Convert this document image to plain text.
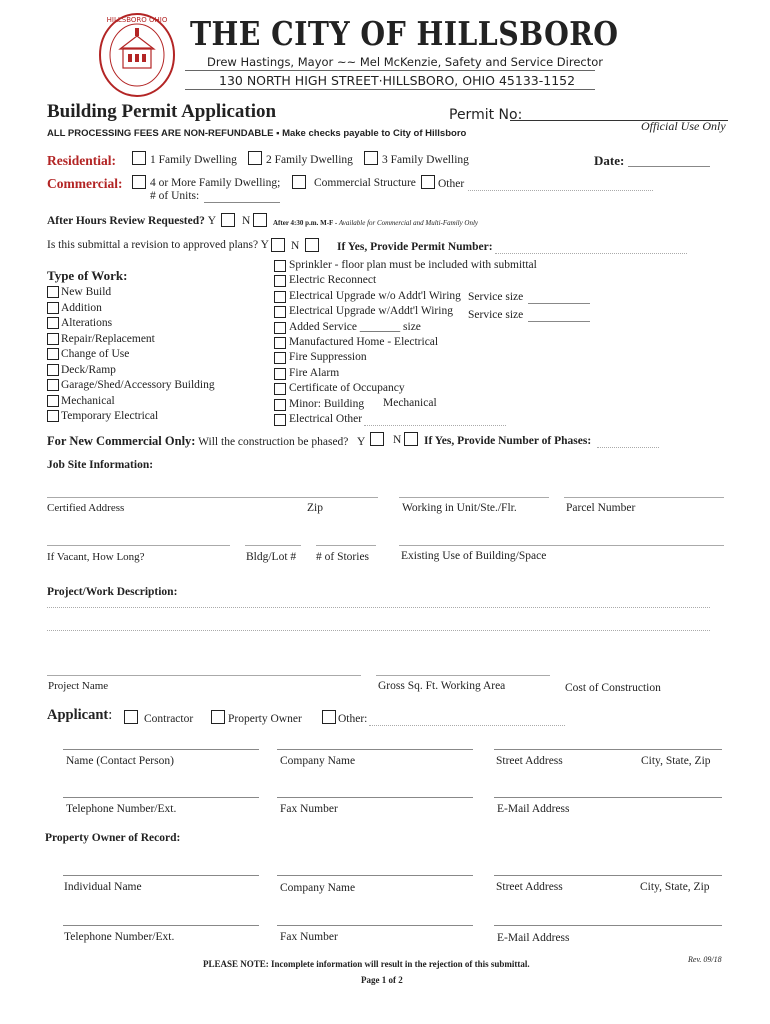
HILLSBORO OHIO THE CITY OF HILLSBORO
Drew Hastings, Mayor ~~ Mel McKenzie, Safety and Service Director
130 NORTH HIGH STREET·HILLSBORO, OHIO 45133-1152
Building Permit Application	Permit No:
Official Use Only
ALL PROCESSING FEES ARE NON-REFUNDABLE ▪ Make checks payable to City of Hillsboro
Residential:	1 Family Dwelling	2 Family Dwelling	3 Family Dwelling	Date:
Commercial: 4 or More Family Dwelling;
# of Units:
Commercial Structure Other
After Hours Review Requested? Y N	After 4:30 p.m. M-F - Available for Commercial and Multi-Family Only
Is this submittal a revision to approved plans? Y N	If Yes, Provide Permit Number:
Type of Work:
New Build
Addition
Alterations
Repair/Replacement
Change of Use
Deck/Ramp
Garage/Shed/Accessory Building
Mechanical
Temporary Electrical
Sprinkler - floor plan must be included with submittal
Electric Reconnect
Electrical Upgrade w/o Addt'l Wiring
Electrical Upgrade w/Addt'l Wiring
Added Service _______ size
Manufactured Home - Electrical
Fire Suppression
Fire Alarm
Certificate of Occupancy
Minor: Building
Electrical Other
Service size
Service size
Mechanical
For New Commercial Only: Will the construction be phased? Y N If Yes, Provide Number of Phases:
Job Site Information:
Certified Address	Zip	Working in Unit/Ste./Flr.	Parcel Number
If Vacant, How Long?	Bldg/Lot # # of Stories	Existing Use of Building/Space
Project/Work Description:
Project Name	Gross Sq. Ft. Working Area	Cost of Construction
Applicant:	Contractor	Property Owner	Other:
Name (Contact Person)	Company Name	Street Address	City, State, Zip
Telephone Number/Ext.	Fax Number	E-Mail Address
Property Owner of Record:
Individual Name	Company Name	Street Address	City, State, Zip
Telephone Number/Ext.	Fax Number	E-Mail Address
PLEASE NOTE: Incomplete information will result in the rejection of this submittal.	Rev. 09/18
Page 1 of 2
